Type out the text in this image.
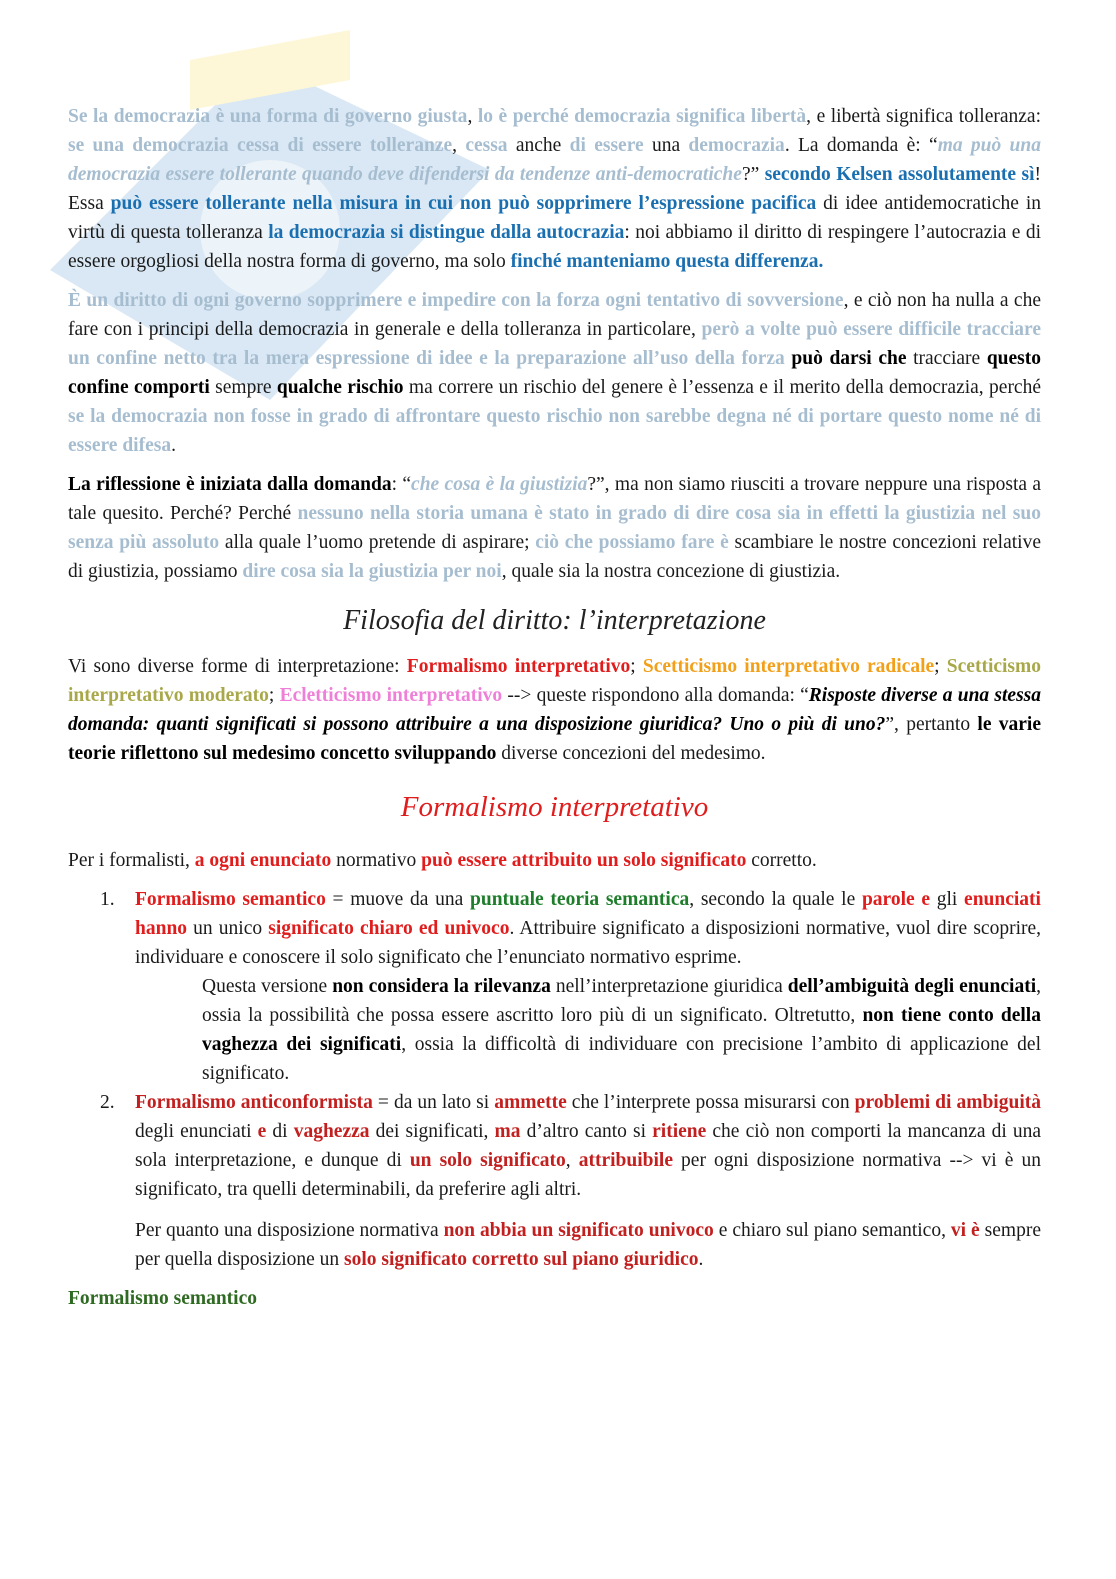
Se la democrazia è una forma di governo giusta, lo è perché democrazia significa libertà, e libertà significa tolleranza: se una democrazia cessa di essere tolleranze, cessa anche di essere una democrazia. La domanda è: “ma può una democrazia essere tollerante quando deve difendersi da tendenze anti-democratiche?” secondo Kelsen assolutamente sì! Essa può essere tollerante nella misura in cui non può sopprimere l’espressione pacifica di idee antidemocratiche in virtù di questa tolleranza la democrazia si distingue dalla autocrazia: noi abbiamo il diritto di respingere l’autocrazia e di essere orgogliosi della nostra forma di governo, ma solo finché manteniamo questa differenza.

È un diritto di ogni governo sopprimere e impedire con la forza ogni tentativo di sovversione, e ciò non ha nulla a che fare con i principi della democrazia in generale e della tolleranza in particolare, però a volte può essere difficile tracciare un confine netto tra la mera espressione di idee e la preparazione all’uso della forza può darsi che tracciare questo confine comporti sempre qualche rischio ma correre un rischio del genere è l’essenza e il merito della democrazia, perché se la democrazia non fosse in grado di affrontare questo rischio non sarebbe degna né di portare questo nome né di essere difesa.

La riflessione è iniziata dalla domanda: “che cosa è la giustizia?”, ma non siamo riusciti a trovare neppure una risposta a tale quesito. Perché? Perché nessuno nella storia umana è stato in grado di dire cosa sia in effetti la giustizia nel suo senza più assoluto alla quale l’uomo pretende di aspirare; ciò che possiamo fare è scambiare le nostre concezioni relative di giustizia, possiamo dire cosa sia la giustizia per noi, quale sia la nostra concezione di giustizia.

Filosofia del diritto: l’interpretazione

Vi sono diverse forme di interpretazione: Formalismo interpretativo; Scetticismo interpretativo radicale; Scetticismo interpretativo moderato; Ecletticismo interpretativo --> queste rispondono alla domanda: “Risposte diverse a una stessa domanda: quanti significati si possono attribuire a una disposizione giuridica? Uno o più di uno?”, pertanto le varie teorie riflettono sul medesimo concetto sviluppando diverse concezioni del medesimo.

Formalismo interpretativo

Per i formalisti, a ogni enunciato normativo può essere attribuito un solo significato corretto.

1. Formalismo semantico = muove da una puntuale teoria semantica, secondo la quale le parole e gli enunciati hanno un unico significato chiaro ed univoco. Attribuire significato a disposizioni normative, vuol dire scoprire, individuare e conoscere il solo significato che l’enunciato normativo esprime.

Questa versione non considera la rilevanza nell’interpretazione giuridica dell’ambiguità degli enunciati, ossia la possibilità che possa essere ascritto loro più di un significato. Oltretutto, non tiene conto della vaghezza dei significati, ossia la difficoltà di individuare con precisione l’ambito di applicazione del significato.

2. Formalismo anticonformista = da un lato si ammette che l’interprete possa misurarsi con problemi di ambiguità degli enunciati e di vaghezza dei significati, ma d’altro canto si ritiene che ciò non comporti la mancanza di una sola interpretazione, e dunque di un solo significato, attribuibile per ogni disposizione normativa --> vi è un significato, tra quelli determinabili, da preferire agli altri.

Per quanto una disposizione normativa non abbia un significato univoco e chiaro sul piano semantico, vi è sempre per quella disposizione un solo significato corretto sul piano giuridico.

Formalismo semantico
